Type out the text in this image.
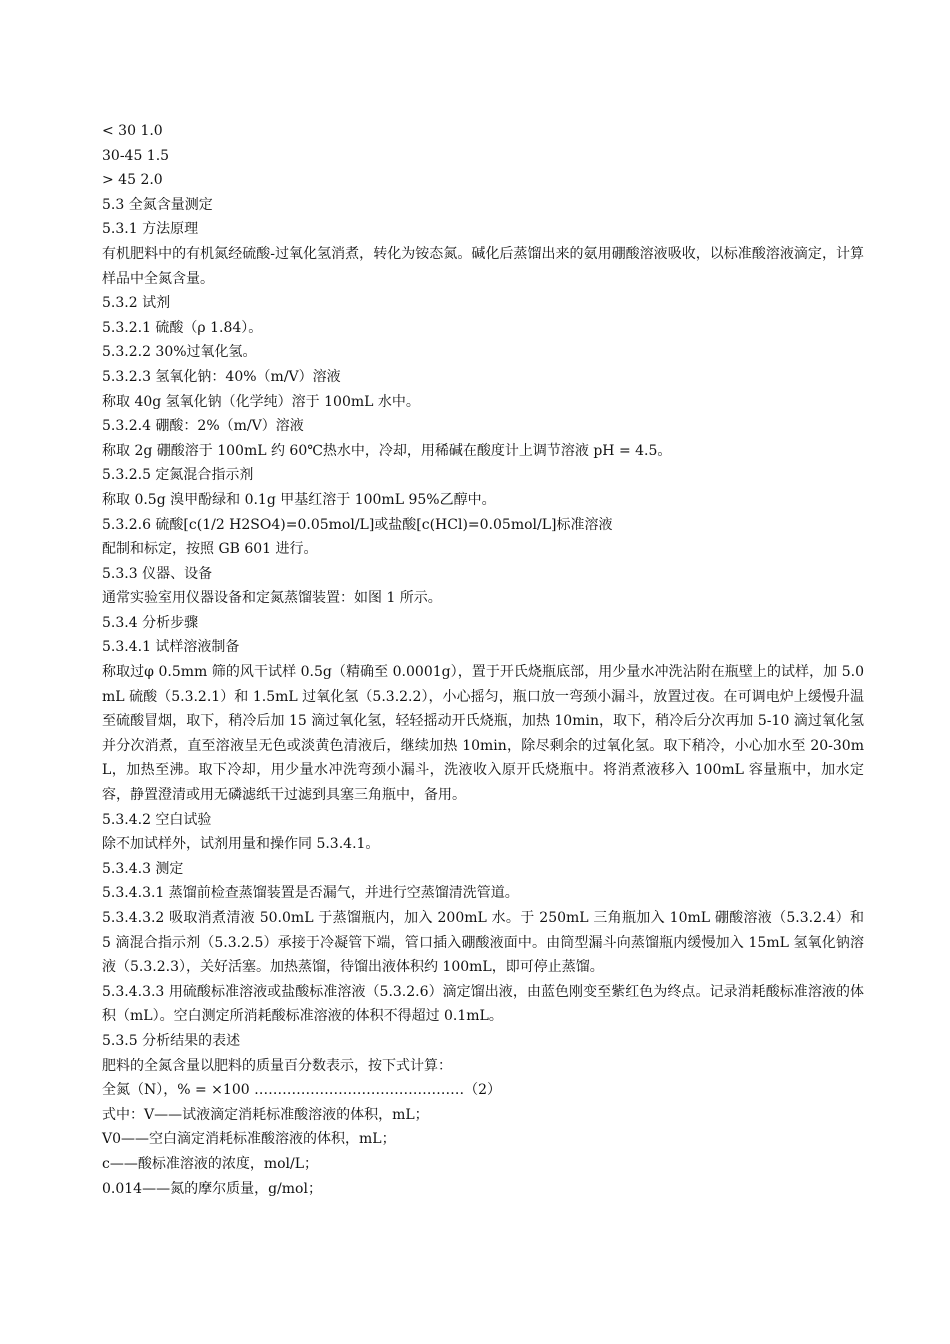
< 30 1.0

30-45 1.5

> 45 2.0

5.3 全氮含量测定

5.3.1 方法原理

有机肥料中的有机氮经硫酸-过氧化氢消煮，转化为铵态氮。碱化后蒸馏出来的氨用硼酸溶液吸收，以标准酸溶液滴定，计算样品中全氮含量。

5.3.2 试剂

5.3.2.1 硫酸（ρ 1.84）。

5.3.2.2 30%过氧化氢。

5.3.2.3 氢氧化钠：40%（m/V）溶液

称取 40g 氢氧化钠（化学纯）溶于 100mL 水中。

5.3.2.4 硼酸：2%（m/V）溶液

称取 2g 硼酸溶于 100mL 约 60℃热水中，冷却，用稀碱在酸度计上调节溶液 pH = 4.5。

5.3.2.5 定氮混合指示剂

称取 0.5g 溴甲酚绿和 0.1g 甲基红溶于 100mL 95%乙醇中。

5.3.2.6 硫酸[c(1/2 H2SO4)=0.05mol/L]或盐酸[c(HCl)=0.05mol/L]标准溶液

配制和标定，按照 GB 601 进行。

5.3.3 仪器、设备

通常实验室用仪器设备和定氮蒸馏装置：如图 1 所示。

5.3.4 分析步骤

5.3.4.1 试样溶液制备

称取过φ 0.5mm 筛的风干试样 0.5g（精确至 0.0001g），置于开氏烧瓶底部，用少量水冲洗沾附在瓶壁上的试样，加 5.0mL 硫酸（5.3.2.1）和 1.5mL 过氧化氢（5.3.2.2），小心摇匀，瓶口放一弯颈小漏斗，放置过夜。在可调电炉上缓慢升温至硫酸冒烟，取下，稍冷后加 15 滴过氧化氢，轻轻摇动开氏烧瓶，加热 10min，取下，稍冷后分次再加 5-10 滴过氧化氢并分次消煮，直至溶液呈无色或淡黄色清液后，继续加热 10min，除尽剩余的过氧化氢。取下稍冷，小心加水至 20-30mL，加热至沸。取下冷却，用少量水冲洗弯颈小漏斗，洗液收入原开氏烧瓶中。将消煮液移入 100mL 容量瓶中，加水定容，静置澄清或用无磷滤纸干过滤到具塞三角瓶中，备用。

5.3.4.2 空白试验

除不加试样外，试剂用量和操作同 5.3.4.1。

5.3.4.3 测定

5.3.4.3.1 蒸馏前检查蒸馏装置是否漏气，并进行空蒸馏清洗管道。

5.3.4.3.2 吸取消煮清液 50.0mL 于蒸馏瓶内，加入 200mL 水。于 250mL 三角瓶加入 10mL 硼酸溶液（5.3.2.4）和 5 滴混合指示剂（5.3.2.5）承接于冷凝管下端，管口插入硼酸液面中。由筒型漏斗向蒸馏瓶内缓慢加入 15mL 氢氧化钠溶液（5.3.2.3），关好活塞。加热蒸馏，待馏出液体积约 100mL，即可停止蒸馏。

5.3.4.3.3 用硫酸标准溶液或盐酸标准溶液（5.3.2.6）滴定馏出液，由蓝色刚变至紫红色为终点。记录消耗酸标准溶液的体积（mL）。空白测定所消耗酸标准溶液的体积不得超过 0.1mL。

5.3.5 分析结果的表述

肥料的全氮含量以肥料的质量百分数表示，按下式计算：

全氮（N），% = ×100 ………………………………………（2）

式中：V——试液滴定消耗标准酸溶液的体积，mL；

V0——空白滴定消耗标准酸溶液的体积，mL；

c——酸标准溶液的浓度，mol/L；

0.014——氮的摩尔质量，g/mol；
